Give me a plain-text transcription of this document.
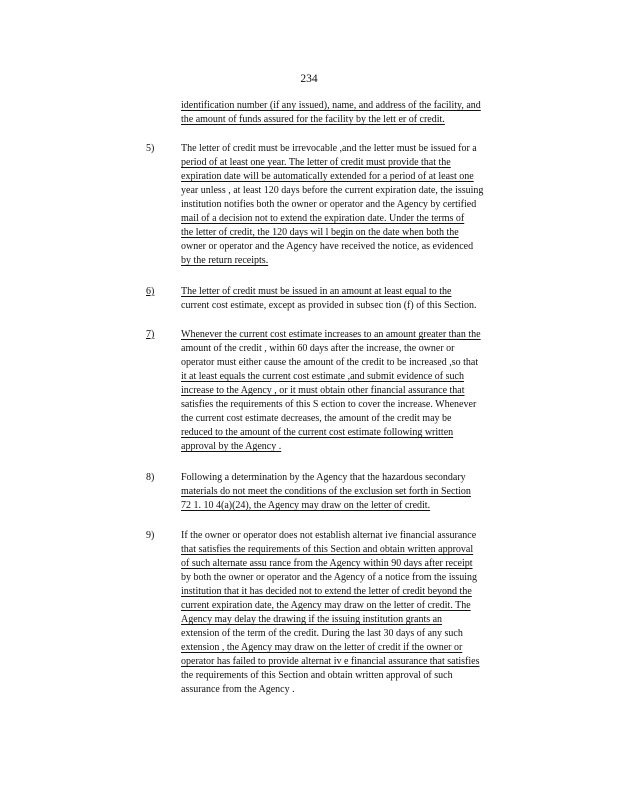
234
identification number (if any issued), name, and address of the facility, and
the amount of funds assured for the facility by the lett er of credit.
5)	The letter of credit must be irrevocable ,and the letter must be issued for a
period of at least one year. The letter of credit must provide that the
expiration date will be automatically extended for a period of at least one
year unless , at least 120 days before the current expiration date, the issuing
institution notifies both the owner or operator and the Agency by certified
mail of a decision not to extend the expiration date. Under the terms of
the letter of credit, the 120 days wil l begin on the date when both the
owner or operator and the Agency have received the notice, as evidenced
by the return receipts.
6)	The letter of credit must be issued in an amount at least equal to the
current cost estimate, except as provided in subsec tion (f) of this Section.
7)	Whenever the current cost estimate increases to an amount greater than the
amount of the credit , within 60 days after the increase, the owner or
operator must either cause the amount of the credit to be increased ,so that
it at least equals the current cost estimate ,and submit evidence of such
increase to the Agency , or it must obtain other financial assurance that
satisfies the requirements of this S ection to cover the increase. Whenever
the current cost estimate decreases, the amount of the credit may be
reduced to the amount of the current cost estimate following written
approval by the Agency .
8)	Following a determination by the Agency that the hazardous secondary
materials do not meet the conditions of the exclusion set forth in Section
72 1. 10 4(a)(24), the Agency may draw on the letter of credit.
9)	If the owner or operator does not establish alternat ive financial assurance
that satisfies the requirements of this Section and obtain written approval
of such alternate assu rance from the Agency within 90 days after receipt
by both the owner or operator and the Agency of a notice from the issuing
institution that it has decided not to extend the letter of credit beyond the
current expiration date, the Agency may draw on the letter of credit. The
Agency may delay the drawing if the issuing institution grants an
extension of the term of the credit. During the last 30 days of any such
extension , the Agency may draw on the letter of credit if the owner or
operator has failed to provide alternat iv e financial assurance that satisfies
the requirements of this Section and obtain written approval of such
assurance from the Agency .
